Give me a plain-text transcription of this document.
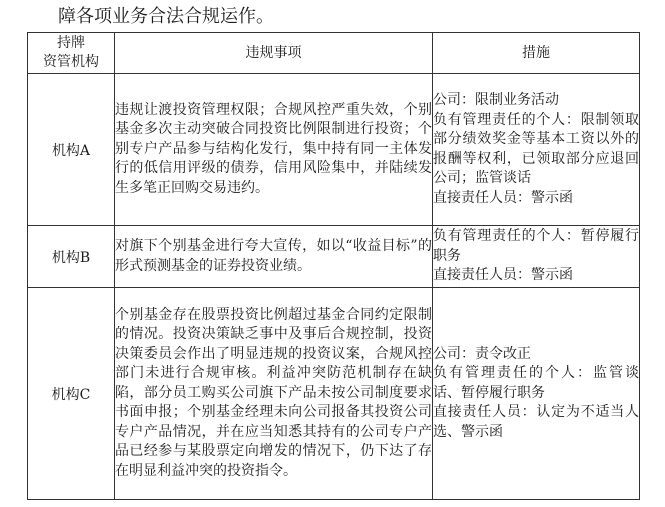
障各项业务合法合规运作。
持牌
资管机构	违规事项	措施
机构A	违规让渡投资管理权限；合规风控严重失效，个别基金多次主动突破合同投资比例限制进行投资；个别专户产品参与结构化发行，集中持有同一主体发行的低信用评级的债券，信用风险集中，并陆续发生多笔正回购交易违约。	公司：限制业务活动
负有管理责任的个人：限制领取部分绩效奖金等基本工资以外的报酬等权利，已领取部分应退回公司；监管谈话
直接责任人员：警示函

机构B	对旗下个别基金进行夸大宣传，如以“收益目标”的形式预测基金的证券投资业绩。	负有管理责任的个人：暂停履行职务
直接责任人员：警示函

机构C	个别基金存在股票投资比例超过基金合同约定限制的情况。投资决策缺乏事中及事后合规控制，投资决策委员会作出了明显违规的投资议案，合规风控部门未进行合规审核。利益冲突防范机制存在缺陷，部分员工购买公司旗下产品未按公司制度要求书面申报；个别基金经理未向公司报备其投资公司专户产品情况，并在应当知悉其持有的公司专户产品已经参与某股票定向增发的情况下，仍下达了存在明显利益冲突的投资指令。	公司：责令改正
负有管理责任的个人：监管谈话、暂停履行职务
直接责任人员：认定为不适当人选、警示函
